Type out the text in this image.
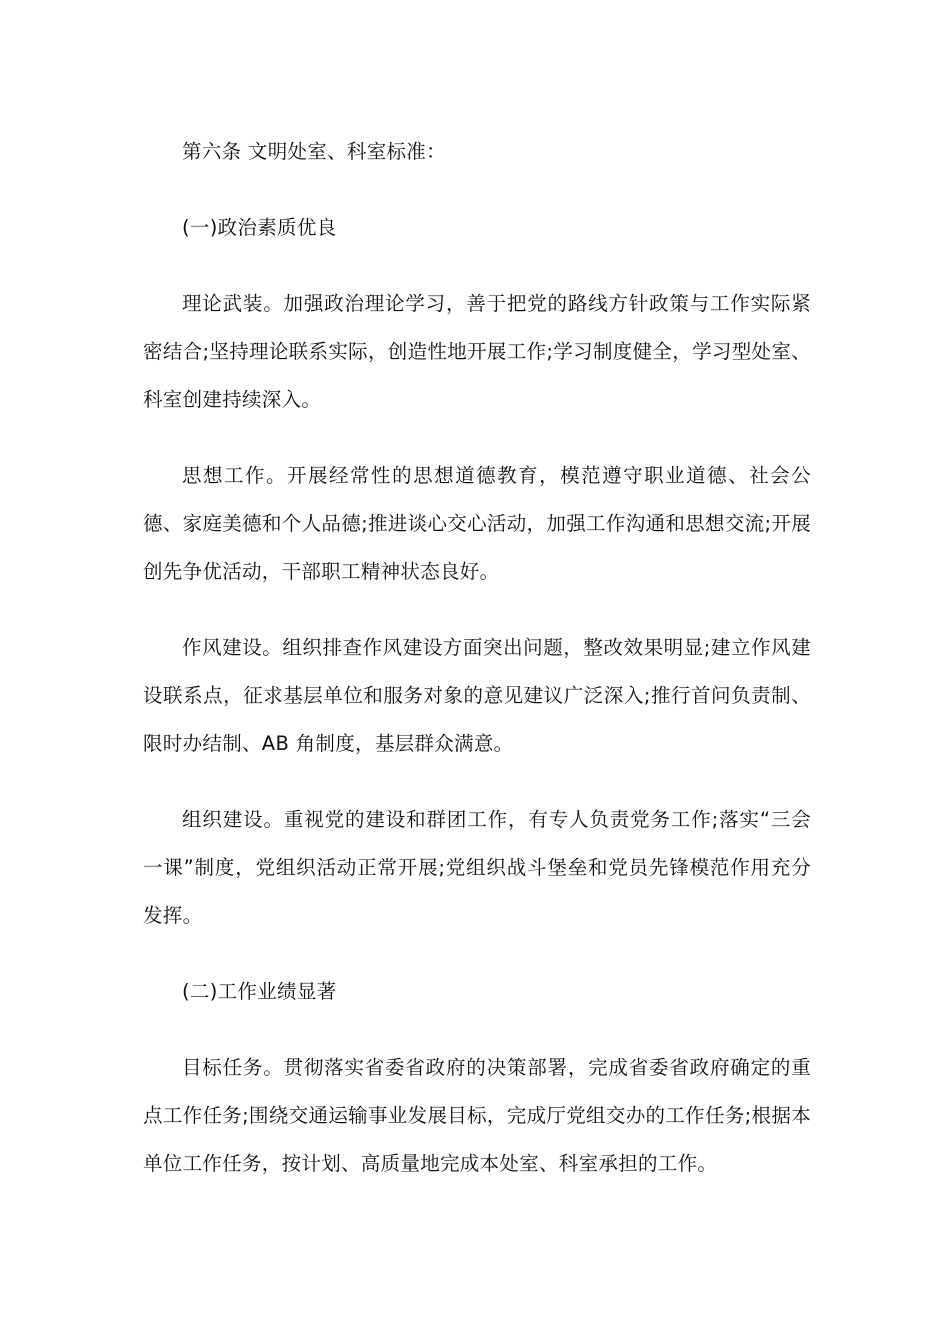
第六条 文明处室、科室标准：

(一)政治素质优良

理论武装。加强政治理论学习，善于把党的路线方针政策与工作实际紧密结合;坚持理论联系实际，创造性地开展工作;学习制度健全，学习型处室、科室创建持续深入。

思想工作。开展经常性的思想道德教育，模范遵守职业道德、社会公德、家庭美德和个人品德;推进谈心交心活动，加强工作沟通和思想交流;开展创先争优活动，干部职工精神状态良好。

作风建设。组织排查作风建设方面突出问题，整改效果明显;建立作风建设联系点，征求基层单位和服务对象的意见建议广泛深入;推行首问负责制、限时办结制、AB 角制度，基层群众满意。

组织建设。重视党的建设和群团工作，有专人负责党务工作;落实“三会一课”制度，党组织活动正常开展;党组织战斗堡垒和党员先锋模范作用充分发挥。

(二)工作业绩显著

目标任务。贯彻落实省委省政府的决策部署，完成省委省政府确定的重点工作任务;围绕交通运输事业发展目标，完成厅党组交办的工作任务;根据本单位工作任务，按计划、高质量地完成本处室、科室承担的工作。
